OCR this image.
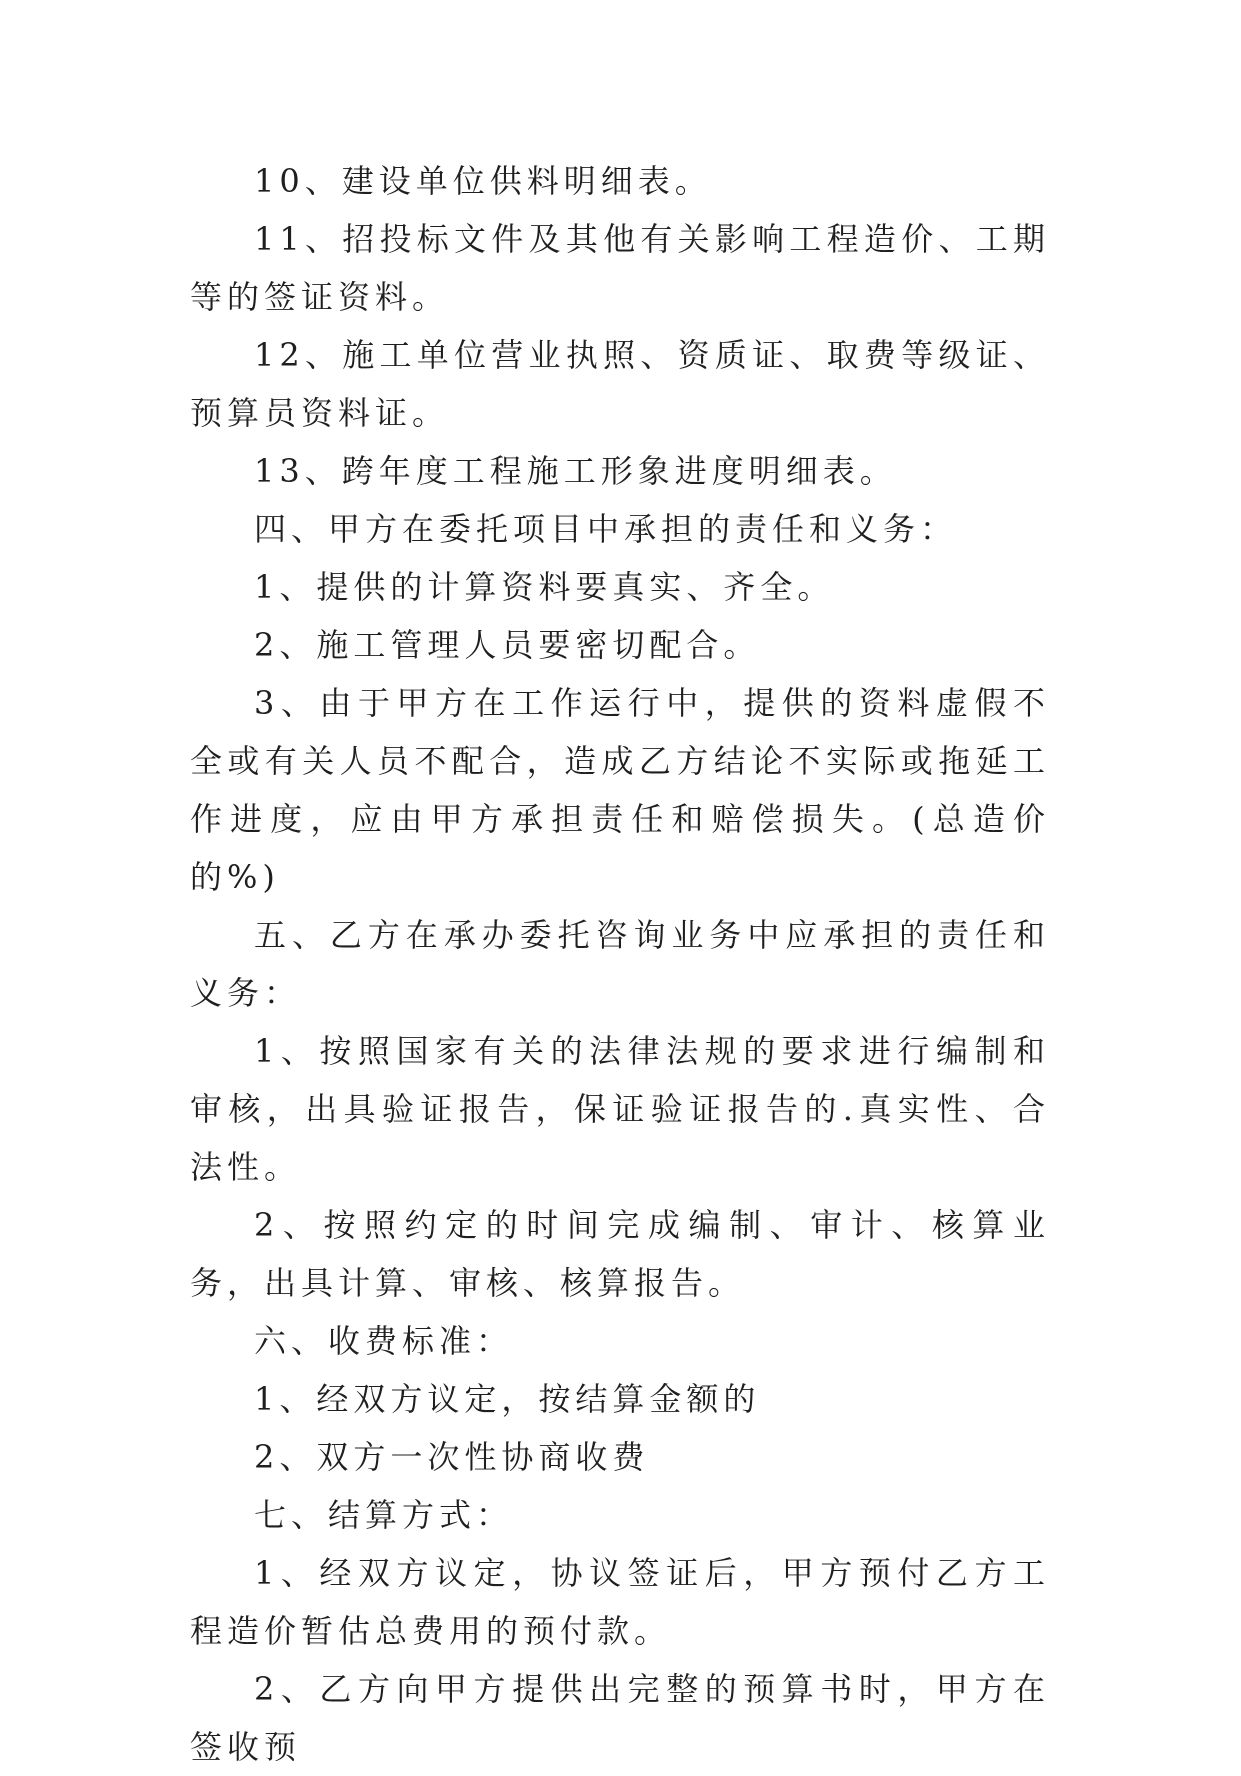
10、建设单位供料明细表。

11、招投标文件及其他有关影响工程造价、工期等的签证资料。

12、施工单位营业执照、资质证、取费等级证、预算员资料证。

13、跨年度工程施工形象进度明细表。

四、甲方在委托项目中承担的责任和义务：

1、提供的计算资料要真实、齐全。

2、施工管理人员要密切配合。

3、由于甲方在工作运行中，提供的资料虚假不全或有关人员不配合，造成乙方结论不实际或拖延工作进度，应由甲方承担责任和赔偿损失。(总造价的%)

五、乙方在承办委托咨询业务中应承担的责任和义务：

1、按照国家有关的法律法规的要求进行编制和审核，出具验证报告，保证验证报告的.真实性、合法性。

2、按照约定的时间完成编制、审计、核算业务，出具计算、审核、核算报告。

六、收费标准：

1、经双方议定，按结算金额的

2、双方一次性协商收费

七、结算方式：

1、经双方议定，协议签证后，甲方预付乙方工程造价暂估总费用的预付款。

2、乙方向甲方提供出完整的预算书时，甲方在签收预
